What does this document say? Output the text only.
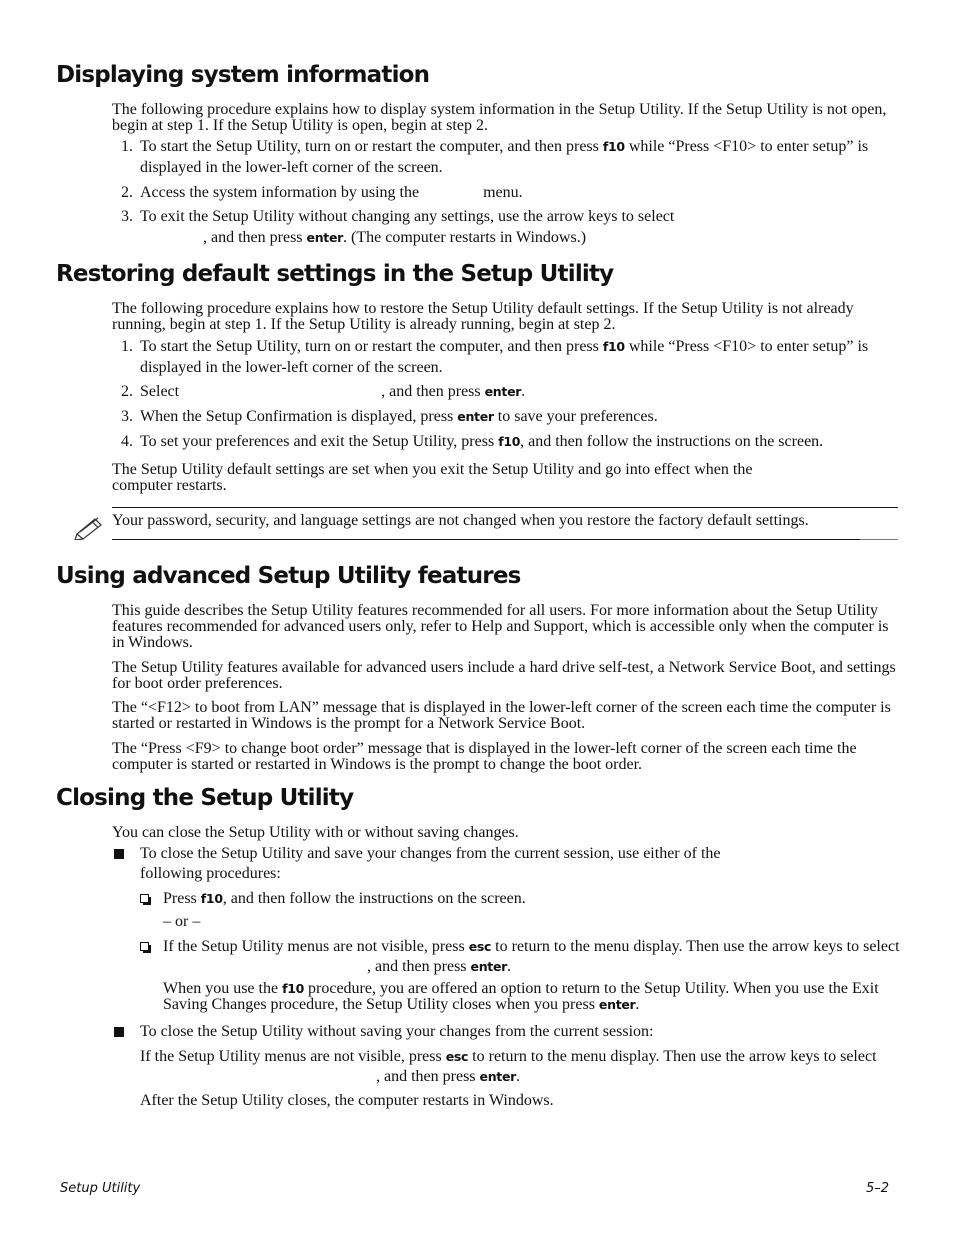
Displaying system information

The following procedure explains how to display system information in the Setup Utility. If the Setup Utility is not open, begin at step 1. If the Setup Utility is open, begin at step 2.

1. To start the Setup Utility, turn on or restart the computer, and then press f10 while “Press <F10> to enter setup” is displayed in the lower-left corner of the screen.
2. Access the system information by using the	menu.
3. To exit the Setup Utility without changing any settings, use the arrow keys to select
, and then press enter. (The computer restarts in Windows.)
Restoring default settings in the Setup Utility

The following procedure explains how to restore the Setup Utility default settings. If the Setup Utility is not already running, begin at step 1. If the Setup Utility is already running, begin at step 2.

1. To start the Setup Utility, turn on or restart the computer, and then press f10 while “Press <F10> to enter setup” is displayed in the lower-left corner of the screen.
2. Select	, and then press enter.
3. When the Setup Confirmation is displayed, press enter to save your preferences.
4. To set your preferences and exit the Setup Utility, press f10, and then follow the instructions on the screen.

The Setup Utility default settings are set when you exit the Setup Utility and go into effect when the computer restarts.

Your password, security, and language settings are not changed when you restore the factory default settings.

Using advanced Setup Utility features

This guide describes the Setup Utility features recommended for all users. For more information about the Setup Utility features recommended for advanced users only, refer to Help and Support, which is accessible only when the computer is in Windows.

The Setup Utility features available for advanced users include a hard drive self-test, a Network Service Boot, and settings for boot order preferences.

The “<F12> to boot from LAN” message that is displayed in the lower-left corner of the screen each time the computer is started or restarted in Windows is the prompt for a Network Service Boot.

The “Press <F9> to change boot order” message that is displayed in the lower-left corner of the screen each time the computer is started or restarted in Windows is the prompt to change the boot order.

Closing the Setup Utility

You can close the Setup Utility with or without saving changes.

To close the Setup Utility and save your changes from the current session, use either of the following procedures:
Press f10, and then follow the instructions on the screen.

– or –

If the Setup Utility menus are not visible, press esc to return to the menu display. Then use the arrow keys to select, and then press enter.

When you use the f10 procedure, you are offered an option to return to the Setup Utility. When you use the Exit Saving Changes procedure, the Setup Utility closes when you press enter.

To close the Setup Utility without saving your changes from the current session:
If the Setup Utility menus are not visible, press esc to return to the menu display. Then use the arrow keys to select, and then press enter.

After the Setup Utility closes, the computer restarts in Windows.

Setup Utility	5–2
